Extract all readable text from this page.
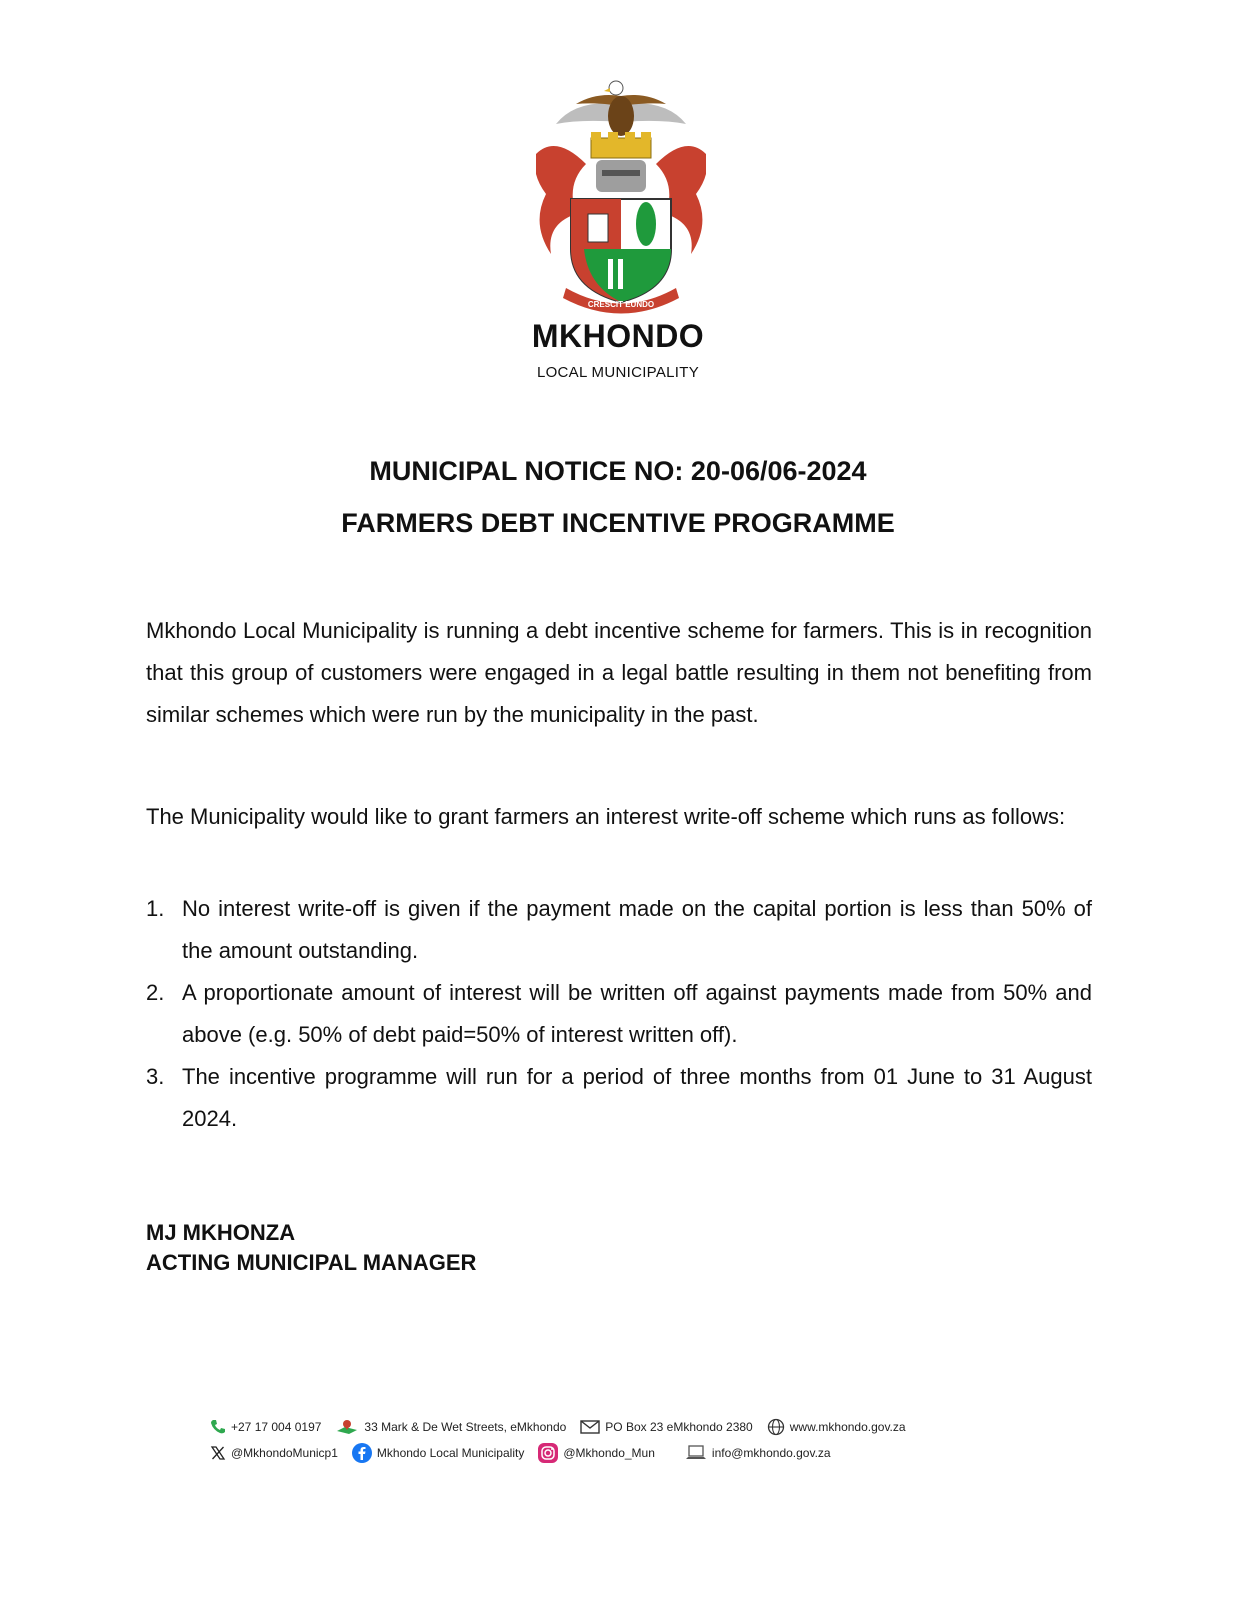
CRESCIT EUNDO
MKHONDO

LOCAL MUNICIPALITY

MUNICIPAL NOTICE NO: 20-06/06-2024
FARMERS DEBT INCENTIVE PROGRAMME

Mkhondo Local Municipality is running a debt incentive scheme for farmers. This is in recognition that this group of customers were engaged in a legal battle resulting in them not benefiting from similar schemes which were run by the municipality in the past.

The Municipality would like to grant farmers an interest write-off scheme which runs as follows:

1. No interest write-off is given if the payment made on the capital portion is less than 50% of the amount outstanding.
2. A proportionate amount of interest will be written off against payments made from 50% and above (e.g. 50% of debt paid=50% of interest written off).
3. The incentive programme will run for a period of three months from 01 June to 31 August 2024.
MJ MKHONZA
ACTING MUNICIPAL MANAGER
+27 17 004 0197	33 Mark & De Wet Streets, eMkhondo	PO Box 23 eMkhondo 2380	www.mkhondo.gov.za
@MkhondoMunicp1	Mkhondo Local Municipality	@Mkhondo_Mun	info@mkhondo.gov.za
